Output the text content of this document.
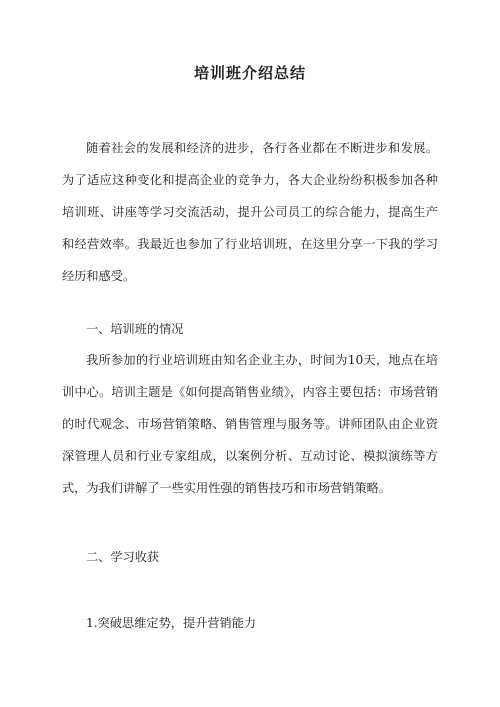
培训班介绍总结

随着社会的发展和经济的进步，各行各业都在不断进步和发展。为了适应这种变化和提高企业的竞争力，各大企业纷纷积极参加各种培训班、讲座等学习交流活动，提升公司员工的综合能力，提高生产和经营效率。我最近也参加了行业培训班，在这里分享一下我的学习经历和感受。

一、培训班的情况

我所参加的行业培训班由知名企业主办，时间为10天，地点在培训中心。培训主题是《如何提高销售业绩》，内容主要包括：市场营销的时代观念、市场营销策略、销售管理与服务等。讲师团队由企业资深管理人员和行业专家组成，以案例分析、互动讨论、模拟演练等方式，为我们讲解了一些实用性强的销售技巧和市场营销策略。

二、学习收获

1.突破思维定势，提升营销能力
